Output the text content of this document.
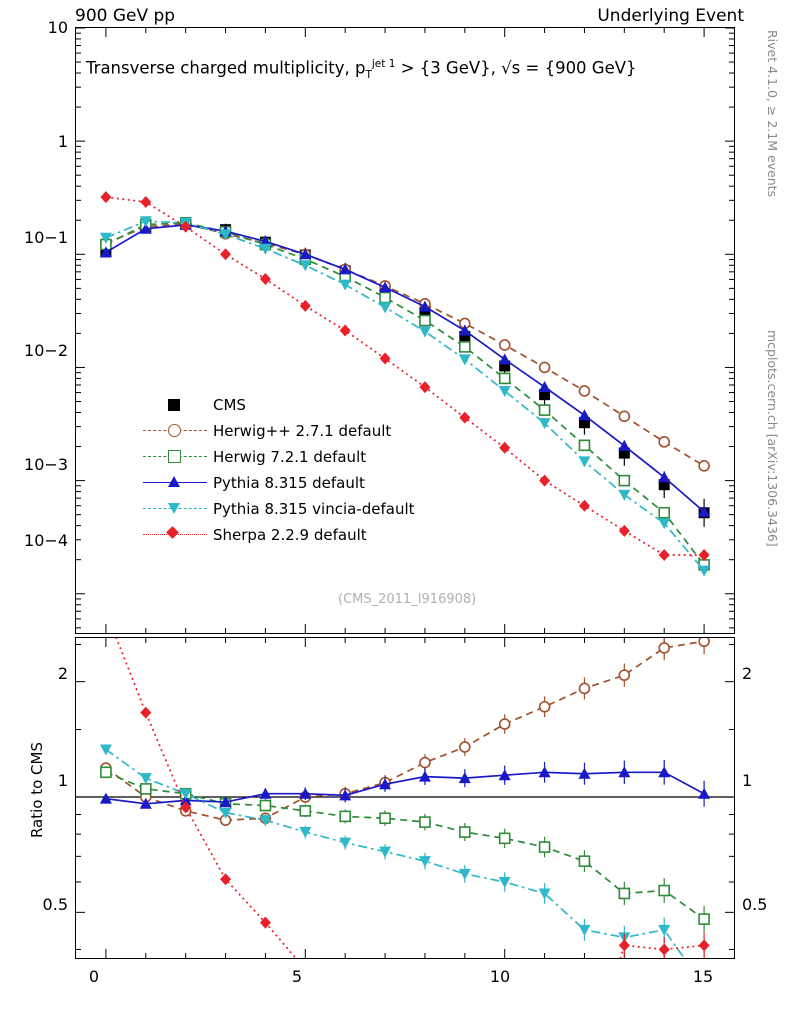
900 GeV pp	Underlying Event
Rivet 4.1.0, ≥ 2.1M events
mcplots.cern.ch [arXiv:1306.3436]
Transverse charged multiplicity, $p_T^{jet 1} > \{3$ GeV}, √s = {900 GeV}
(CMS_2011_I916908)
10
1
10−1
10−2
10−3
10−4
Ratio to CMS
2
1
0.5
2
1
0.5
0	5	10	15
CMS
Herwig++ 2.7.1 default
Herwig 7.2.1 default
Pythia 8.315 default
Pythia 8.315 vincia-default
Sherpa 2.2.9 default
